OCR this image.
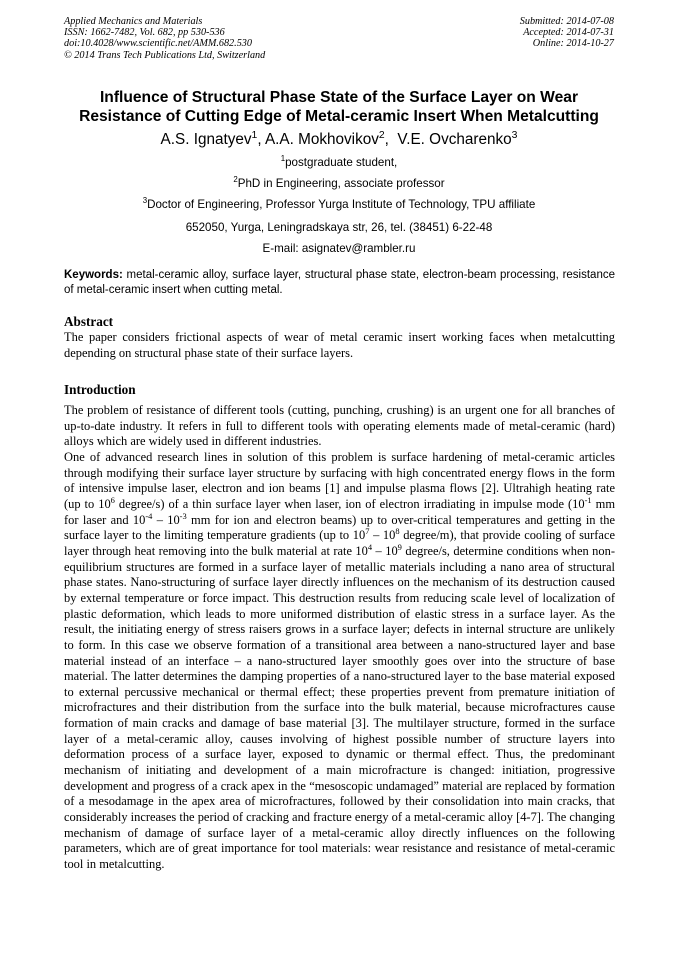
Applied Mechanics and Materials
ISSN: 1662-7482, Vol. 682, pp 530-536
doi:10.4028/www.scientific.net/AMM.682.530
© 2014 Trans Tech Publications Ltd, Switzerland
Submitted: 2014-07-08
Accepted: 2014-07-31
Online: 2014-10-27
Influence of Structural Phase State of the Surface Layer on Wear
Resistance of Cutting Edge of Metal-ceramic Insert When Metalcutting
A.S. Ignatyev$^1$, A.A. Mokhovikov$^2$,  V.E. Ovcharenko$^3$
$^1$postgraduate student,
$^2$PhD in Engineering, associate professor
$^3$Doctor of Engineering, Professor Yurga Institute of Technology, TPU affiliate
652050, Yurga, Leningradskaya str, 26, tel. (38451) 6-22-48
E-mail: asignatev@rambler.ru
Keywords: metal-ceramic alloy, surface layer, structural phase state, electron-beam processing, resistance of metal-ceramic insert when cutting metal.
Abstract

The paper considers frictional aspects of wear of metal ceramic insert working faces when metalcutting depending on structural phase state of their surface layers.

Introduction

The problem of resistance of different tools (cutting, punching, crushing) is an urgent one for all branches of up-to-date industry. It refers in full to different tools with operating elements made of metal-ceramic (hard) alloys which are widely used in different industries.

One of advanced research lines in solution of this problem is surface hardening of metal-ceramic articles through modifying their surface layer structure by surfacing with high concentrated energy flows in the form of intensive impulse laser, electron and ion beams [1] and impulse plasma flows [2]. Ultrahigh heating rate (up to $10^6$ degree/s) of a thin surface layer when laser, ion of electron irradiating in impulse mode ($10^{-1}$ mm for laser and $10^{-4} - 10^{-3}$ mm for ion and electron beams) up to over-critical temperatures and getting in the surface layer to the limiting temperature gradients (up to $10^7 - 10^8$ degree/m), that provide cooling of surface layer through heat removing into the bulk material at rate $10^4 - 10^9$ degree/s, determine conditions when non-equilibrium structures are formed in a surface layer of metallic materials including a nano area of structural phase states. Nano-structuring of surface layer directly influences on the mechanism of its destruction caused by external temperature or force impact. This destruction results from reducing scale level of localization of plastic deformation, which leads to more uniformed distribution of elastic stress in a surface layer. As the result, the initiating energy of stress raisers grows in a surface layer; defects in internal structure are unlikely to form. In this case we observe formation of a transitional area between a nano-structured layer and base material instead of an interface – a nano-structured layer smoothly goes over into the structure of base material. The latter determines the damping properties of a nano-structured layer to the base material exposed to external percussive mechanical or thermal effect; these properties prevent from premature initiation of microfractures and their distribution from the surface into the bulk material, because microfractures cause formation of main cracks and damage of base material [3]. The multilayer structure, formed in the surface layer of a metal-ceramic alloy, causes involving of highest possible number of structure layers into deformation process of a surface layer, exposed to dynamic or thermal effect. Thus, the predominant mechanism of initiating and development of a main microfracture is changed: initiation, progressive development and progress of a crack apex in the “mesoscopic undamaged” material are replaced by formation of a mesodamage in the apex area of microfractures, followed by their consolidation into main cracks, that considerably increases the period of cracking and fracture energy of a metal-ceramic alloy [4-7]. The changing mechanism of damage of surface layer of a metal-ceramic alloy directly influences on the following parameters, which are of great importance for tool materials: wear resistance and resistance of metal-ceramic tool in metalcutting.
